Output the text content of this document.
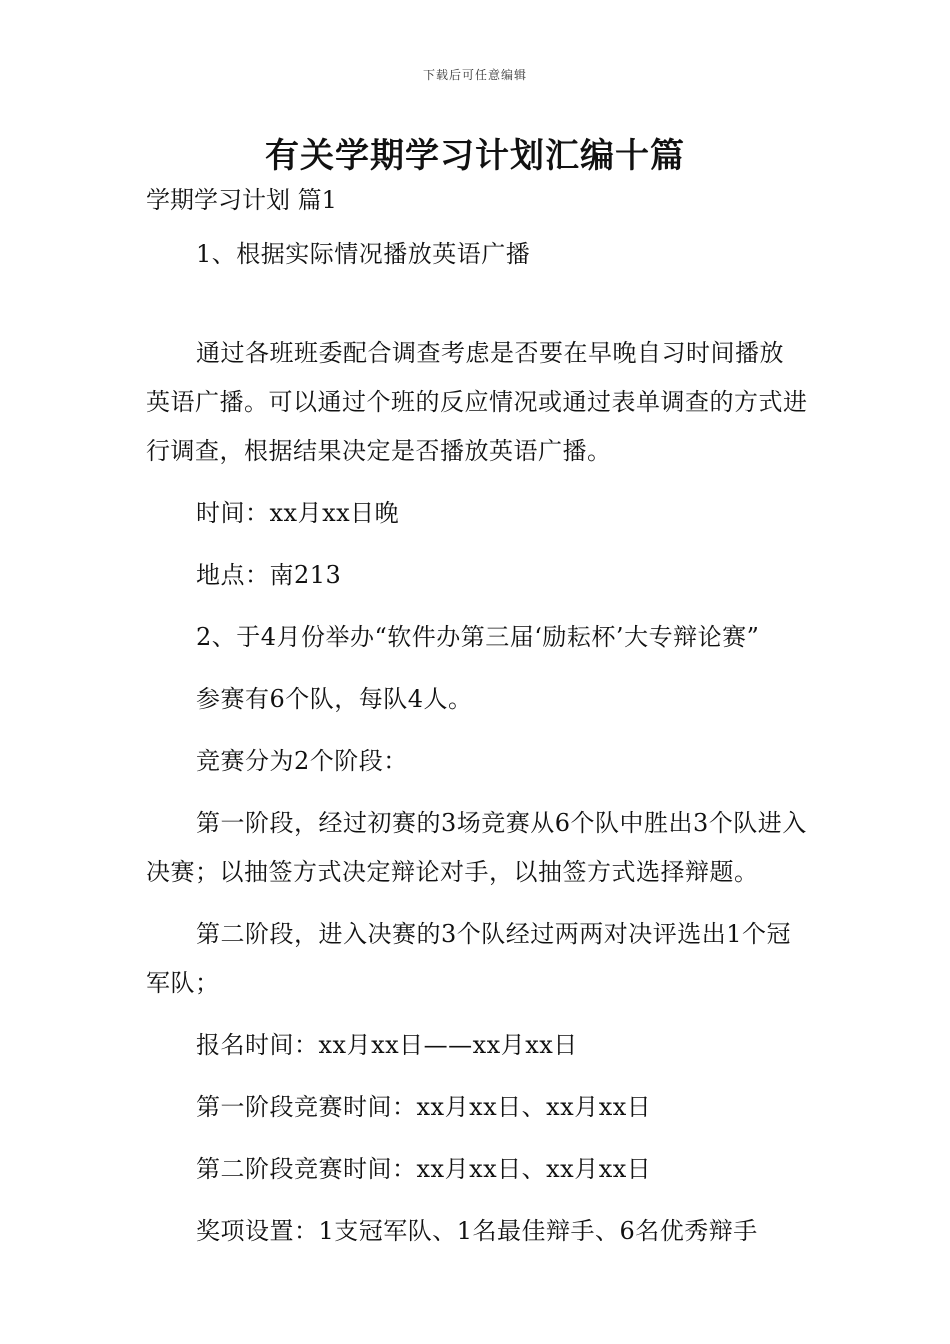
下载后可任意编辑
有关学期学习计划汇编十篇
学期学习计划 篇1

1、根据实际情况播放英语广播

通过各班班委配合调查考虑是否要在早晚自习时间播放英语广播。可以通过个班的反应情况或通过表单调查的方式进行调查，根据结果决定是否播放英语广播。

时间：xx月xx日晚

地点：南213

2、于4月份举办“软件办第三届‘励耘杯’大专辩论赛”

参赛有6个队，每队4人。

竞赛分为2个阶段：

第一阶段，经过初赛的3场竞赛从6个队中胜出3个队进入决赛；以抽签方式决定辩论对手，以抽签方式选择辩题。

第二阶段，进入决赛的3个队经过两两对决评选出1个冠军队；

报名时间：xx月xx日——xx月xx日

第一阶段竞赛时间：xx月xx日、xx月xx日

第二阶段竞赛时间：xx月xx日、xx月xx日

奖项设置：1支冠军队、1名最佳辩手、6名优秀辩手
